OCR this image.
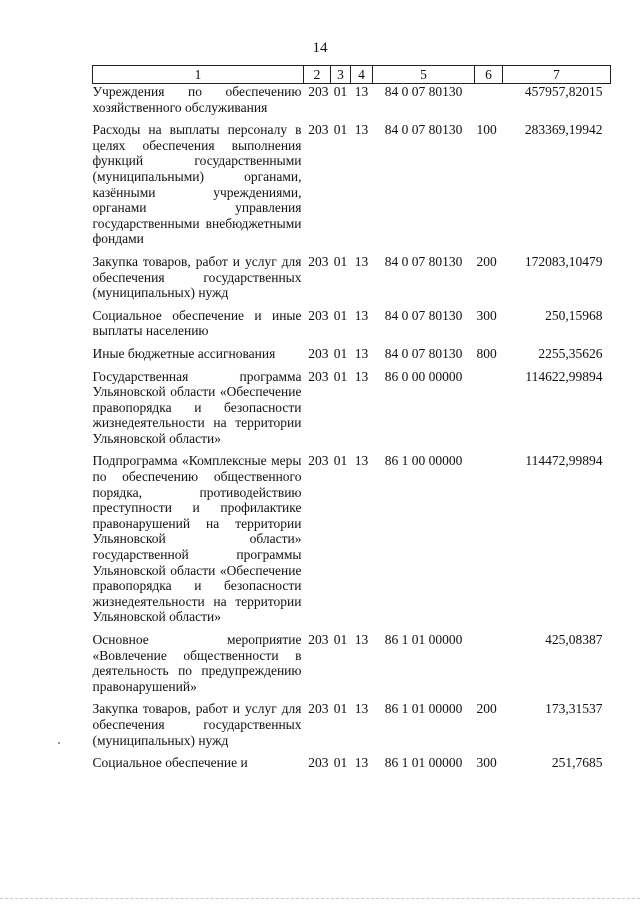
14
1	2	3	4	5	6	7
Учреждения по обеспечению хозяйственного обслуживания	203	01	13	84 0 07 80130		457957,82015
Расходы на выплаты персоналу в целях обеспечения выполнения функций государственными (муниципальными) органами, казёнными учреждениями, органами управления государственными внебюджетными фондами	203	01	13	84 0 07 80130	100	283369,19942
Закупка товаров, работ и услуг для обеспечения государственных (муниципальных) нужд	203	01	13	84 0 07 80130	200	172083,10479
Социальное обеспечение и иные выплаты населению	203	01	13	84 0 07 80130	300	250,15968
Иные бюджетные ассигнования	203	01	13	84 0 07 80130	800	2255,35626
Государственная программа Ульяновской области «Обеспечение правопорядка и безопасности жизнедеятельности на территории Ульяновской области»	203	01	13	86 0 00 00000		114622,99894
Подпрограмма «Комплексные меры по обеспечению общественного порядка, противодействию преступности и профилактике правонарушений на территории Ульяновской области» государственной программы Ульяновской области «Обеспечение правопорядка и безопасности жизнедеятельности на территории Ульяновской области»	203	01	13	86 1 00 00000		114472,99894
Основное мероприятие «Вовлечение общественности в деятельность по предупреждению правонарушений»	203	01	13	86 1 01 00000		425,08387
Закупка товаров, работ и услуг для обеспечения государственных (муниципальных) нужд	203	01	13	86 1 01 00000	200	173,31537
Социальное обеспечение и	203	01	13	86 1 01 00000	300	251,7685
